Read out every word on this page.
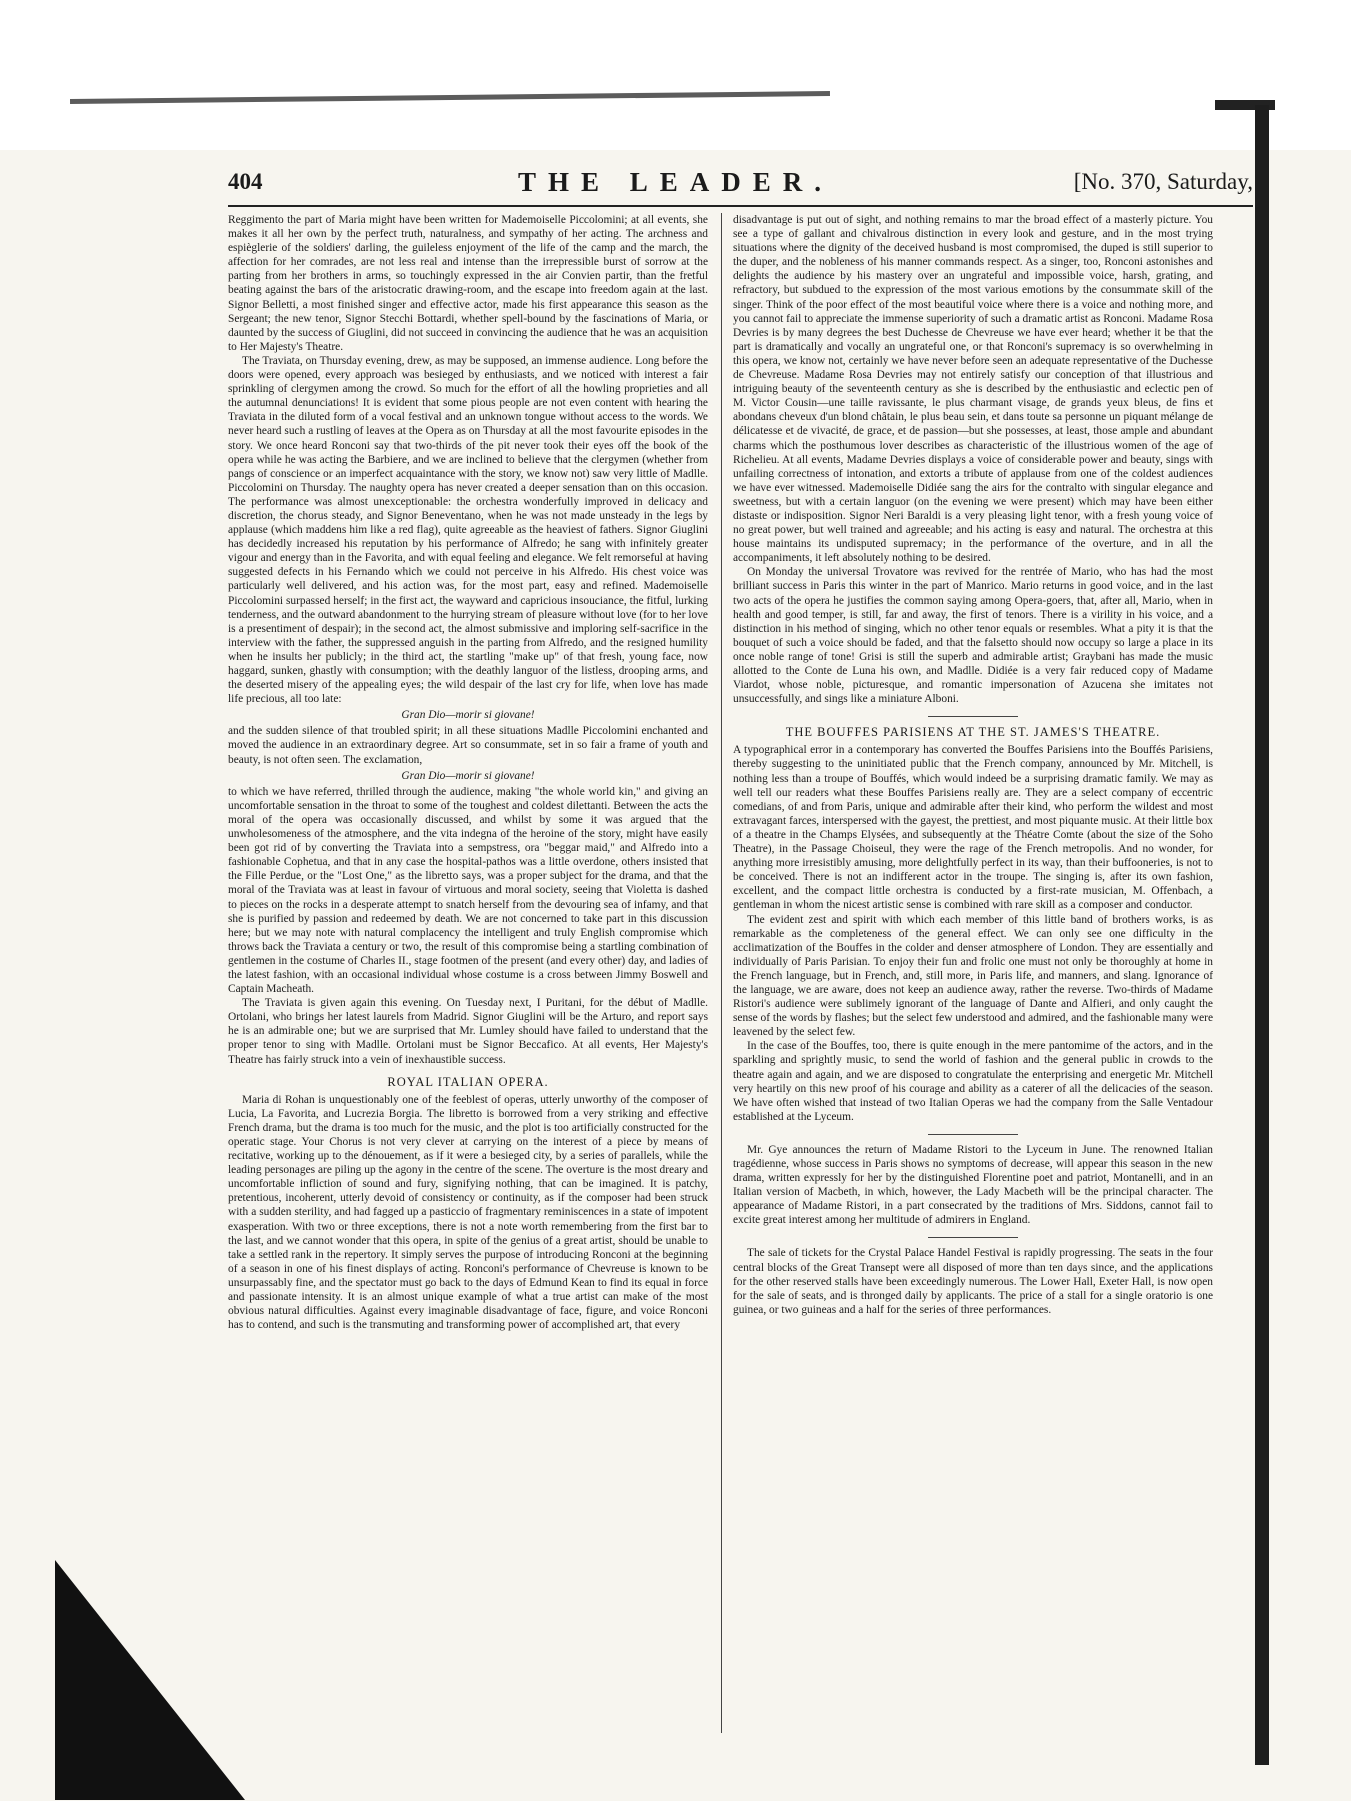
404	THE LEADER.	[No. 370, Saturday,

Reggimento the part of Maria might have been written for Mademoiselle Piccolomini; at all events, she makes it all her own by the perfect truth, naturalness, and sympathy of her acting. The archness and espièglerie of the soldiers' darling, the guileless enjoyment of the life of the camp and the march, the affection for her comrades, are not less real and intense than the irrepressible burst of sorrow at the parting from her brothers in arms, so touchingly expressed in the air Convien partir, than the fretful beating against the bars of the aristocratic drawing-room, and the escape into freedom again at the last. Signor Belletti, a most finished singer and effective actor, made his first appearance this season as the Sergeant; the new tenor, Signor Stecchi Bottardi, whether spell-bound by the fascinations of Maria, or daunted by the success of Giuglini, did not succeed in convincing the audience that he was an acquisition to Her Majesty's Theatre.

The Traviata, on Thursday evening, drew, as may be supposed, an immense audience. Long before the doors were opened, every approach was besieged by enthusiasts, and we noticed with interest a fair sprinkling of clergymen among the crowd. So much for the effort of all the howling proprieties and all the autumnal denunciations! It is evident that some pious people are not even content with hearing the Traviata in the diluted form of a vocal festival and an unknown tongue without access to the words. We never heard such a rustling of leaves at the Opera as on Thursday at all the most favourite episodes in the story. We once heard Ronconi say that two-thirds of the pit never took their eyes off the book of the opera while he was acting the Barbiere, and we are inclined to believe that the clergymen (whether from pangs of conscience or an imperfect acquaintance with the story, we know not) saw very little of Madlle. Piccolomini on Thursday. The naughty opera has never created a deeper sensation than on this occasion. The performance was almost unexceptionable: the orchestra wonderfully improved in delicacy and discretion, the chorus steady, and Signor Beneventano, when he was not made unsteady in the legs by applause (which maddens him like a red flag), quite agreeable as the heaviest of fathers. Signor Giuglini has decidedly increased his reputation by his performance of Alfredo; he sang with infinitely greater vigour and energy than in the Favorita, and with equal feeling and elegance. We felt remorseful at having suggested defects in his Fernando which we could not perceive in his Alfredo. His chest voice was particularly well delivered, and his action was, for the most part, easy and refined. Mademoiselle Piccolomini surpassed herself; in the first act, the wayward and capricious insouciance, the fitful, lurking tenderness, and the outward abandonment to the hurrying stream of pleasure without love (for to her love is a presentiment of despair); in the second act, the almost submissive and imploring self-sacrifice in the interview with the father, the suppressed anguish in the parting from Alfredo, and the resigned humility when he insults her publicly; in the third act, the startling "make up" of that fresh, young face, now haggard, sunken, ghastly with consumption; with the deathly languor of the listless, drooping arms, and the deserted misery of the appealing eyes; the wild despair of the last cry for life, when love has made life precious, all too late:

Gran Dio—morir si giovane!

and the sudden silence of that troubled spirit; in all these situations Madlle Piccolomini enchanted and moved the audience in an extraordinary degree. Art so consummate, set in so fair a frame of youth and beauty, is not often seen. The exclamation,

Gran Dio—morir si giovane!

to which we have referred, thrilled through the audience, making "the whole world kin," and giving an uncomfortable sensation in the throat to some of the toughest and coldest dilettanti. Between the acts the moral of the opera was occasionally discussed, and whilst by some it was argued that the unwholesomeness of the atmosphere, and the vita indegna of the heroine of the story, might have easily been got rid of by converting the Traviata into a sempstress, ora "beggar maid," and Alfredo into a fashionable Cophetua, and that in any case the hospital-pathos was a little overdone, others insisted that the Fille Perdue, or the "Lost One," as the libretto says, was a proper subject for the drama, and that the moral of the Traviata was at least in favour of virtuous and moral society, seeing that Violetta is dashed to pieces on the rocks in a desperate attempt to snatch herself from the devouring sea of infamy, and that she is purified by passion and redeemed by death. We are not concerned to take part in this discussion here; but we may note with natural complacency the intelligent and truly English compromise which throws back the Traviata a century or two, the result of this compromise being a startling combination of gentlemen in the costume of Charles II., stage footmen of the present (and every other) day, and ladies of the latest fashion, with an occasional individual whose costume is a cross between Jimmy Boswell and Captain Macheath.

The Traviata is given again this evening. On Tuesday next, I Puritani, for the début of Madlle. Ortolani, who brings her latest laurels from Madrid. Signor Giuglini will be the Arturo, and report says he is an admirable one; but we are surprised that Mr. Lumley should have failed to understand that the proper tenor to sing with Madlle. Ortolani must be Signor Beccafico. At all events, Her Majesty's Theatre has fairly struck into a vein of inexhaustible success.

ROYAL ITALIAN OPERA.

Maria di Rohan is unquestionably one of the feeblest of operas, utterly unworthy of the composer of Lucia, La Favorita, and Lucrezia Borgia. The libretto is borrowed from a very striking and effective French drama, but the drama is too much for the music, and the plot is too artificially constructed for the operatic stage. Your Chorus is not very clever at carrying on the interest of a piece by means of recitative, working up to the dénouement, as if it were a besieged city, by a series of parallels, while the leading personages are piling up the agony in the centre of the scene. The overture is the most dreary and uncomfortable infliction of sound and fury, signifying nothing, that can be imagined. It is patchy, pretentious, incoherent, utterly devoid of consistency or continuity, as if the composer had been struck with a sudden sterility, and had fagged up a pasticcio of fragmentary reminiscences in a state of impotent exasperation. With two or three exceptions, there is not a note worth remembering from the first bar to the last, and we cannot wonder that this opera, in spite of the genius of a great artist, should be unable to take a settled rank in the repertory. It simply serves the purpose of introducing Ronconi at the beginning of a season in one of his finest displays of acting. Ronconi's performance of Chevreuse is known to be unsurpassably fine, and the spectator must go back to the days of Edmund Kean to find its equal in force and passionate intensity. It is an almost unique example of what a true artist can make of the most obvious natural difficulties. Against every imaginable disadvantage of face, figure, and voice Ronconi has to contend, and such is the transmuting and transforming power of accomplished art, that every

disadvantage is put out of sight, and nothing remains to mar the broad effect of a masterly picture. You see a type of gallant and chivalrous distinction in every look and gesture, and in the most trying situations where the dignity of the deceived husband is most compromised, the duped is still superior to the duper, and the nobleness of his manner commands respect. As a singer, too, Ronconi astonishes and delights the audience by his mastery over an ungrateful and impossible voice, harsh, grating, and refractory, but subdued to the expression of the most various emotions by the consummate skill of the singer. Think of the poor effect of the most beautiful voice where there is a voice and nothing more, and you cannot fail to appreciate the immense superiority of such a dramatic artist as Ronconi. Madame Rosa Devries is by many degrees the best Duchesse de Chevreuse we have ever heard; whether it be that the part is dramatically and vocally an ungrateful one, or that Ronconi's supremacy is so overwhelming in this opera, we know not, certainly we have never before seen an adequate representative of the Duchesse de Chevreuse. Madame Rosa Devries may not entirely satisfy our conception of that illustrious and intriguing beauty of the seventeenth century as she is described by the enthusiastic and eclectic pen of M. Victor Cousin—une taille ravissante, le plus charmant visage, de grands yeux bleus, de fins et abondans cheveux d'un blond châtain, le plus beau sein, et dans toute sa personne un piquant mélange de délicatesse et de vivacité, de grace, et de passion—but she possesses, at least, those ample and abundant charms which the posthumous lover describes as characteristic of the illustrious women of the age of Richelieu. At all events, Madame Devries displays a voice of considerable power and beauty, sings with unfailing correctness of intonation, and extorts a tribute of applause from one of the coldest audiences we have ever witnessed. Mademoiselle Didiée sang the airs for the contralto with singular elegance and sweetness, but with a certain languor (on the evening we were present) which may have been either distaste or indisposition. Signor Neri Baraldi is a very pleasing light tenor, with a fresh young voice of no great power, but well trained and agreeable; and his acting is easy and natural. The orchestra at this house maintains its undisputed supremacy; in the performance of the overture, and in all the accompaniments, it left absolutely nothing to be desired.

On Monday the universal Trovatore was revived for the rentrée of Mario, who has had the most brilliant success in Paris this winter in the part of Manrico. Mario returns in good voice, and in the last two acts of the opera he justifies the common saying among Opera-goers, that, after all, Mario, when in health and good temper, is still, far and away, the first of tenors. There is a virility in his voice, and a distinction in his method of singing, which no other tenor equals or resembles. What a pity it is that the bouquet of such a voice should be faded, and that the falsetto should now occupy so large a place in its once noble range of tone! Grisi is still the superb and admirable artist; Graybani has made the music allotted to the Conte de Luna his own, and Madlle. Didiée is a very fair reduced copy of Madame Viardot, whose noble, picturesque, and romantic impersonation of Azucena she imitates not unsuccessfully, and sings like a miniature Alboni.

THE BOUFFES PARISIENS AT THE ST. JAMES'S THEATRE.

A typographical error in a contemporary has converted the Bouffes Parisiens into the Bouffés Parisiens, thereby suggesting to the uninitiated public that the French company, announced by Mr. Mitchell, is nothing less than a troupe of Bouffés, which would indeed be a surprising dramatic family. We may as well tell our readers what these Bouffes Parisiens really are. They are a select company of eccentric comedians, of and from Paris, unique and admirable after their kind, who perform the wildest and most extravagant farces, interspersed with the gayest, the prettiest, and most piquante music. At their little box of a theatre in the Champs Elysées, and subsequently at the Théatre Comte (about the size of the Soho Theatre), in the Passage Choiseul, they were the rage of the French metropolis. And no wonder, for anything more irresistibly amusing, more delightfully perfect in its way, than their buffooneries, is not to be conceived. There is not an indifferent actor in the troupe. The singing is, after its own fashion, excellent, and the compact little orchestra is conducted by a first-rate musician, M. Offenbach, a gentleman in whom the nicest artistic sense is combined with rare skill as a composer and conductor.

The evident zest and spirit with which each member of this little band of brothers works, is as remarkable as the completeness of the general effect. We can only see one difficulty in the acclimatization of the Bouffes in the colder and denser atmosphere of London. They are essentially and individually of Paris Parisian. To enjoy their fun and frolic one must not only be thoroughly at home in the French language, but in French, and, still more, in Paris life, and manners, and slang. Ignorance of the language, we are aware, does not keep an audience away, rather the reverse. Two-thirds of Madame Ristori's audience were sublimely ignorant of the language of Dante and Alfieri, and only caught the sense of the words by flashes; but the select few understood and admired, and the fashionable many were leavened by the select few.

In the case of the Bouffes, too, there is quite enough in the mere pantomime of the actors, and in the sparkling and sprightly music, to send the world of fashion and the general public in crowds to the theatre again and again, and we are disposed to congratulate the enterprising and energetic Mr. Mitchell very heartily on this new proof of his courage and ability as a caterer of all the delicacies of the season. We have often wished that instead of two Italian Operas we had the company from the Salle Ventadour established at the Lyceum.

Mr. Gye announces the return of Madame Ristori to the Lyceum in June. The renowned Italian tragédienne, whose success in Paris shows no symptoms of decrease, will appear this season in the new drama, written expressly for her by the distinguished Florentine poet and patriot, Montanelli, and in an Italian version of Macbeth, in which, however, the Lady Macbeth will be the principal character. The appearance of Madame Ristori, in a part consecrated by the traditions of Mrs. Siddons, cannot fail to excite great interest among her multitude of admirers in England.

The sale of tickets for the Crystal Palace Handel Festival is rapidly progressing. The seats in the four central blocks of the Great Transept were all disposed of more than ten days since, and the applications for the other reserved stalls have been exceedingly numerous. The Lower Hall, Exeter Hall, is now open for the sale of seats, and is thronged daily by applicants. The price of a stall for a single oratorio is one guinea, or two guineas and a half for the series of three performances.
